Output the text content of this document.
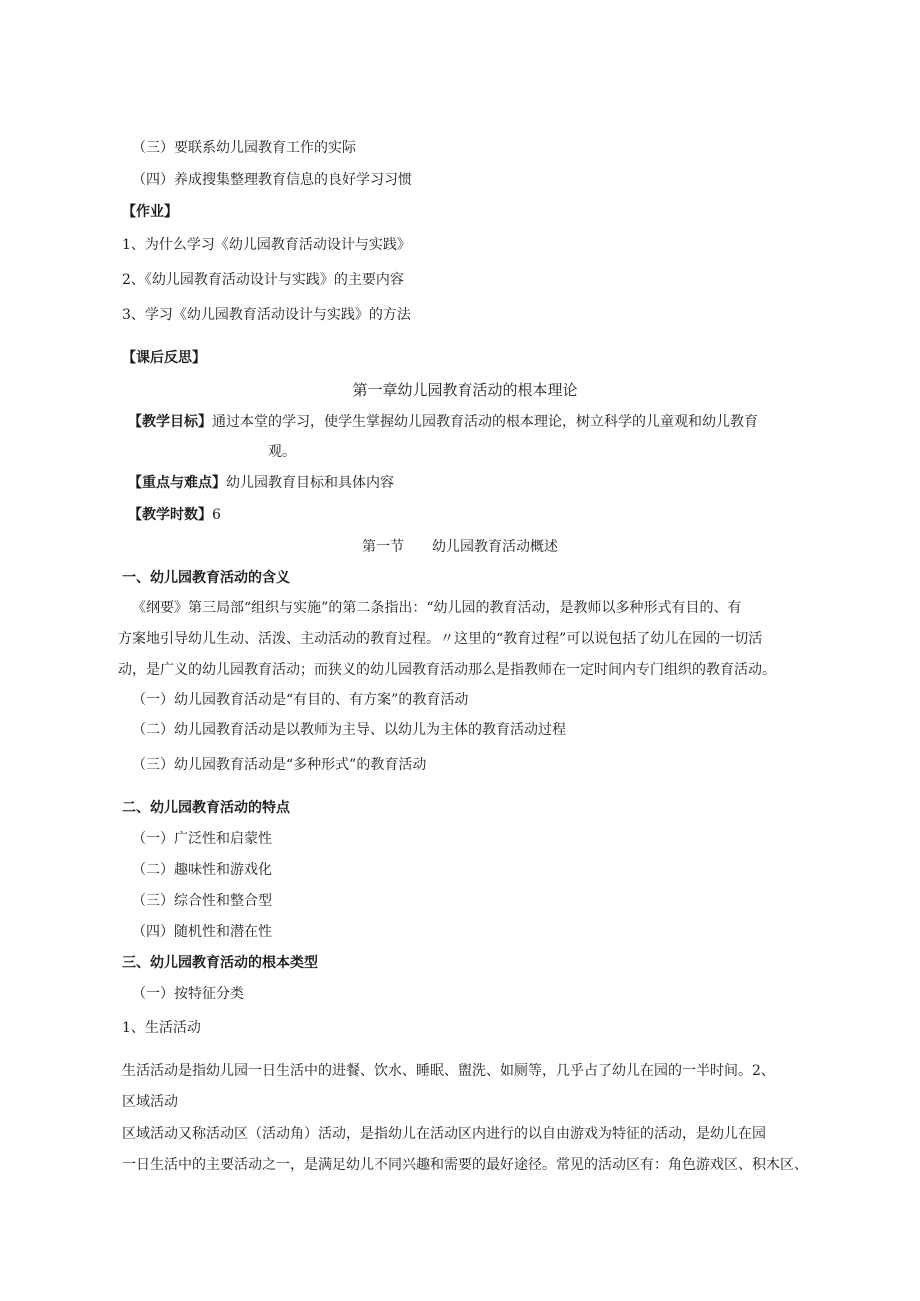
（三）要联系幼儿园教育工作的实际
（四）养成搜集整理教育信息的良好学习习惯
【作业】
1、为什么学习《幼儿园教育活动设计与实践》
2、《幼儿园教育活动设计与实践》的主要内容
3、学习《幼儿园教育活动设计与实践》的方法
【课后反思】
第一章幼儿园教育活动的根本理论
【教学目标】通过本堂的学习，使学生掌握幼儿园教育活动的根本理论，树立科学的儿童观和幼儿教育
观。
【重点与难点】幼儿园教育目标和具体内容
【教学时数】6
第一节　　幼儿园教育活动概述
一、幼儿园教育活动的含义
《纲要》第三局部“组织与实施”的第二条指出：“幼儿园的教育活动，是教师以多种形式有目的、有
方案地引导幼儿生动、活泼、主动活动的教育过程。〃这里的“教育过程”可以说包括了幼儿在园的一切活
动，是广义的幼儿园教育活动；而狭义的幼儿园教育活动那么是指教师在一定时间内专门组织的教育活动。
（一）幼儿园教育活动是“有目的、有方案”的教育活动
（二）幼儿园教育活动是以教师为主导、以幼儿为主体的教育活动过程
（三）幼儿园教育活动是“多种形式”的教育活动
二、幼儿园教育活动的特点
（一）广泛性和启蒙性
（二）趣味性和游戏化
（三）综合性和整合型
（四）随机性和潜在性
三、幼儿园教育活动的根本类型
（一）按特征分类
1、生活活动
生活活动是指幼儿园一日生活中的进餐、饮水、睡眠、盥洗、如厕等，几乎占了幼儿在园的一半时间。2、
区域活动
区域活动又称活动区（活动角）活动，是指幼儿在活动区内进行的以自由游戏为特征的活动，是幼儿在园
一日生活中的主要活动之一，是满足幼儿不同兴趣和需要的最好途径。常见的活动区有：角色游戏区、积木区、
